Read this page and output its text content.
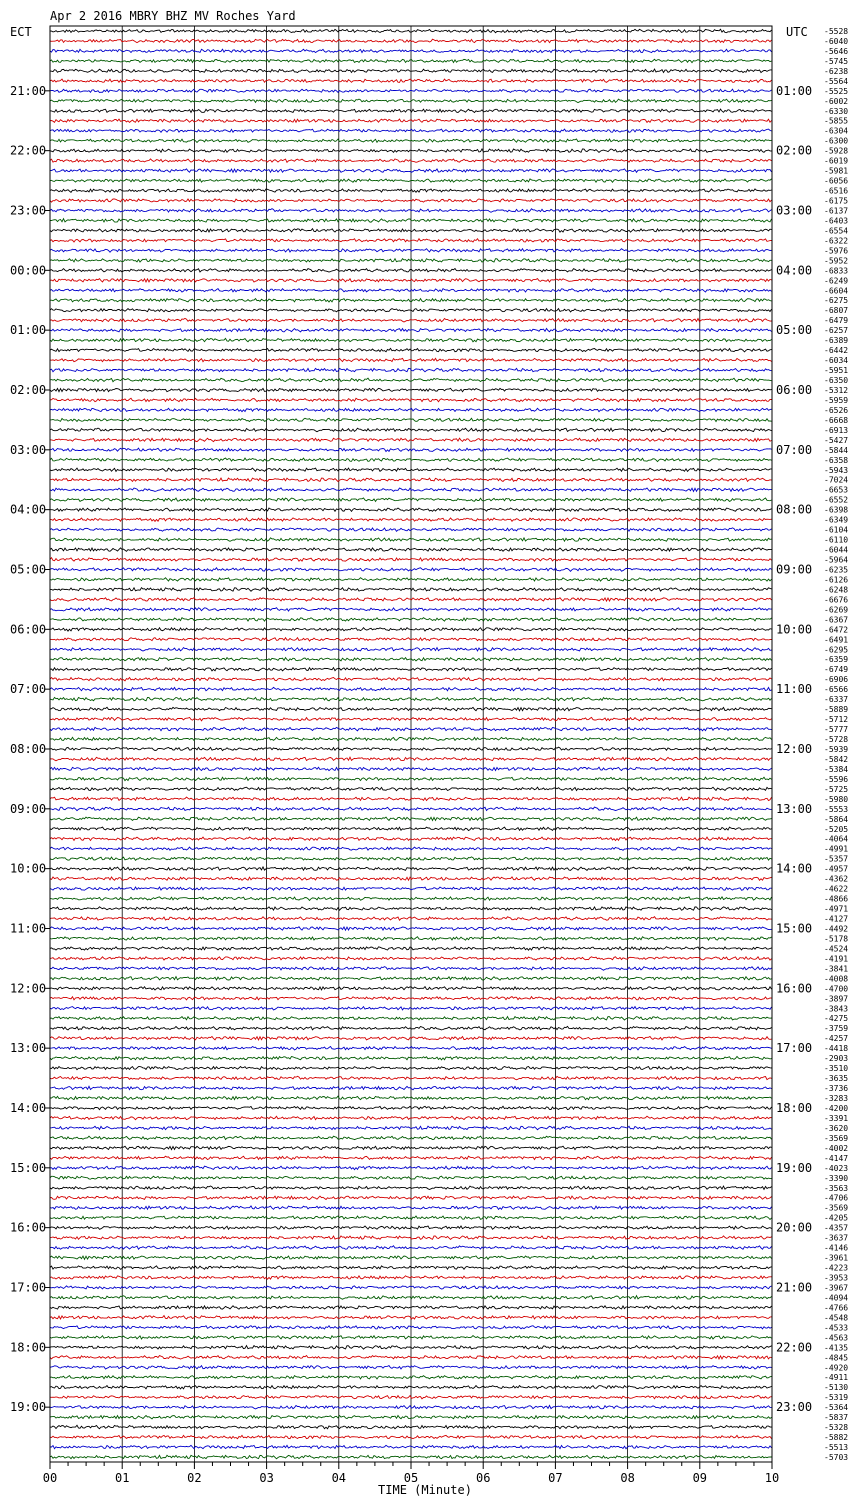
Apr 2 2016 MBRY BHZ MV Roches Yard
ECT	UTC -5528
-6040
-5646
-5745
-6238
-5564
-5525
-6002
-6330
-5855
-6304
-6300
-5928
-6019
-5981
-6056
-6516
-6175
-6137
-6403
-6554
-6322
-5976
-5952
-6833
-6249
-6604
-6275
-6807
-6479
-6257
-6389
-6442
-6034
-5951
-6350
-5312
-5959
-6526
-6668
-6913
-5427
-5844
-6358
-5943
-7024
-6653
-6552
-6398
-6349
-6104
-6110
-6044
-5964
-6235
-6126
-6248
-6676
-6269
-6367
-6472
-6491
-6295
-6359
-6749
-6906
-6566
-6337
-5889
-5712
-5777
-5728
-5939
-5842
-5384
-5596
-5725
-5980
-5553
-5864
-5205
-4064
-4991
-5357
-4957
-4362
-4622
-4866
-4971
-4127
-4492
-5178
-4524
-4191
-3841
-4008
-4700
-3897
-3843
-4275
-3759
-4257
-4418
-2903
-3510
-3635
-3736
-3283
-4200
-3391
-3620
-3569
-4002
-4147
-4023
-3390
-3563
-4706
-3569
-4205
-4357
-3637
-4146
-3961
-4223
-3953
-3967
-4094
-4766
-4548
-4533
-4563
-4135
-4845
-4920
-4911
-5130
-5319
-5364
-5837
-5328
-5882
-5513
-5703
21:00
22:00
23:00
00:00
01:00
02:00
03:00
04:00
05:00
06:00
07:00
08:00
09:00
10:00
11:00
12:00
13:00
14:00
15:00
16:00
17:00
18:00
19:00
01:00
02:00
03:00
04:00
05:00
06:00
07:00
08:00
09:00
10:00
11:00
12:00
13:00
14:00
15:00
16:00
17:00
18:00
19:00
20:00
21:00
22:00
23:00
00	01	02	03	04	05	06	07	08	09	10
TIME (Minute)
